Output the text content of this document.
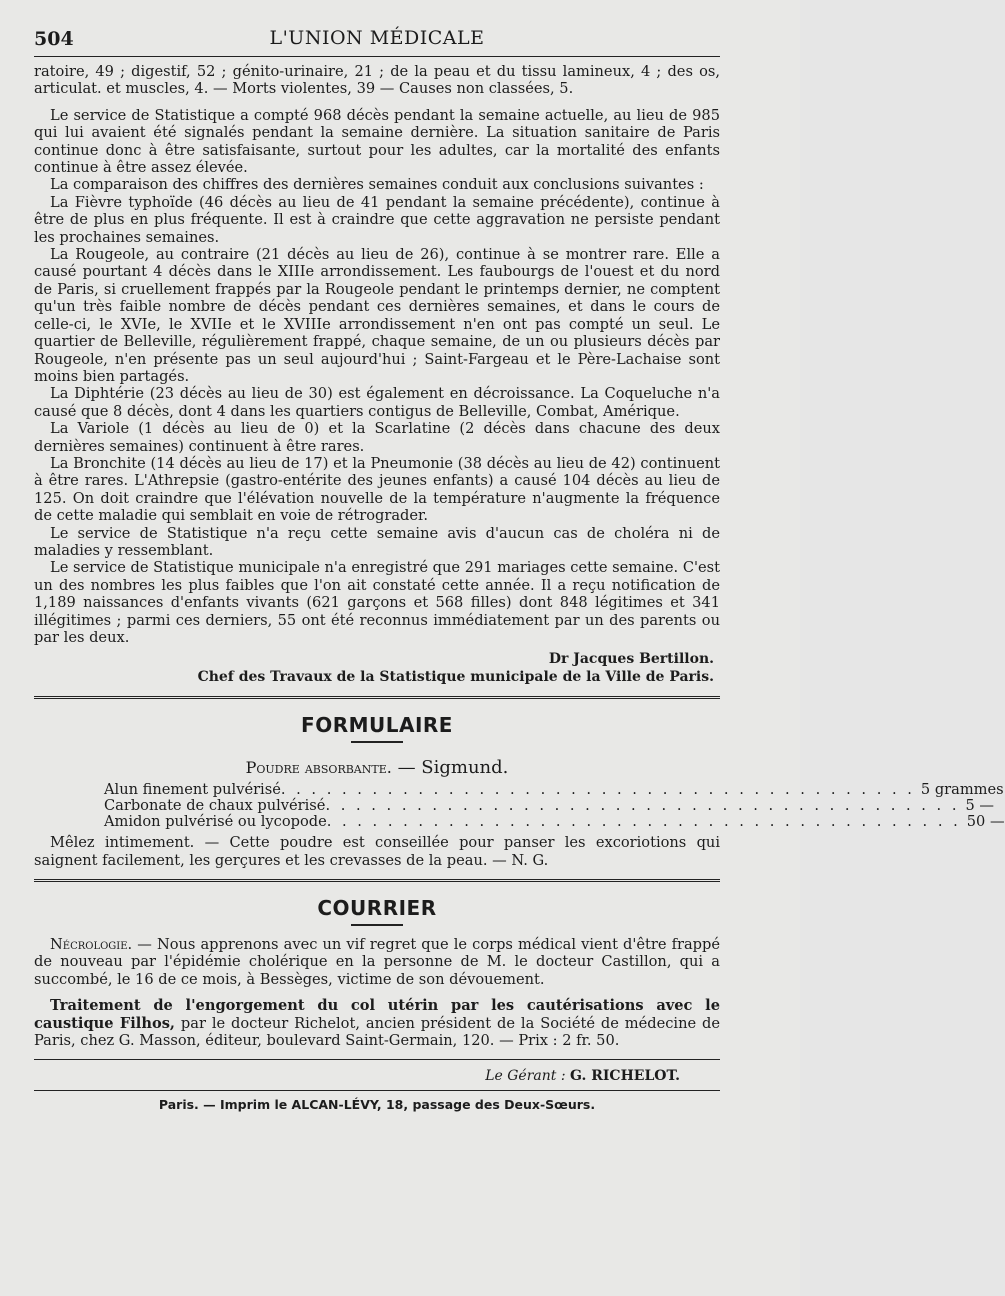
504	L'UNION MÉDICALE

ratoire, 49 ; digestif, 52 ; génito-urinaire, 21 ; de la peau et du tissu lamineux, 4 ; des os, articulat. et muscles, 4. — Morts violentes, 39 — Causes non classées, 5.

Le service de Statistique a compté 968 décès pendant la semaine actuelle, au lieu de 985 qui lui avaient été signalés pendant la semaine dernière. La situation sanitaire de Paris continue donc à être satisfaisante, surtout pour les adultes, car la mortalité des enfants continue à être assez élevée.

La comparaison des chiffres des dernières semaines conduit aux conclusions suivantes :

La Fièvre typhoïde (46 décès au lieu de 41 pendant la semaine précédente), continue à être de plus en plus fréquente. Il est à craindre que cette aggravation ne persiste pendant les prochaines semaines.

La Rougeole, au contraire (21 décès au lieu de 26), continue à se montrer rare. Elle a causé pourtant 4 décès dans le XIIIe arrondissement. Les faubourgs de l'ouest et du nord de Paris, si cruellement frappés par la Rougeole pendant le printemps dernier, ne comptent qu'un très faible nombre de décès pendant ces dernières semaines, et dans le cours de celle-ci, le XVIe, le XVIIe et le XVIIIe arrondissement n'en ont pas compté un seul. Le quartier de Belleville, régulièrement frappé, chaque semaine, de un ou plusieurs décès par Rougeole, n'en présente pas un seul aujourd'hui ; Saint-Fargeau et le Père-Lachaise sont moins bien partagés.

La Diphtérie (23 décès au lieu de 30) est également en décroissance. La Coqueluche n'a causé que 8 décès, dont 4 dans les quartiers contigus de Belleville, Combat, Amérique.

La Variole (1 décès au lieu de 0) et la Scarlatine (2 décès dans chacune des deux dernières semaines) continuent à être rares.

La Bronchite (14 décès au lieu de 17) et la Pneumonie (38 décès au lieu de 42) continuent à être rares. L'Athrepsie (gastro-entérite des jeunes enfants) a causé 104 décès au lieu de 125. On doit craindre que l'élévation nouvelle de la température n'augmente la fréquence de cette maladie qui semblait en voie de rétrograder.

Le service de Statistique n'a reçu cette semaine avis d'aucun cas de choléra ni de maladies y ressemblant.

Le service de Statistique municipale n'a enregistré que 291 mariages cette semaine. C'est un des nombres les plus faibles que l'on ait constaté cette année. Il a reçu notification de 1,189 naissances d'enfants vivants (621 garçons et 568 filles) dont 848 légitimes et 341 illégitimes ; parmi ces derniers, 55 ont été reconnus immédiatement par un des parents ou par les deux.

Dr Jacques Bertillon.
Chef des Travaux de la Statistique municipale de la Ville de Paris.
FORMULAIRE
Poudre absorbante. — Sigmund.
Alun finement pulvérisé . . . . . . . . . . . . . . . . . . . . . . . . . . . . . . . . . . . . . . . . . . 5 grammes
Carbonate de chaux pulvérisé . . . . . . . . . . . . . . . . . . . . . . . . . . . . . . . . . . . . . . . . . . 5 —
Amidon pulvérisé ou lycopode . . . . . . . . . . . . . . . . . . . . . . . . . . . . . . . . . . . . . . . . . . 50 —

Mêlez intimement. — Cette poudre est conseillée pour panser les excoriotions qui saignent facilement, les gerçures et les crevasses de la peau. — N. G.

COURRIER

Nécrologie. — Nous apprenons avec un vif regret que le corps médical vient d'être frappé de nouveau par l'épidémie cholérique en la personne de M. le docteur Castillon, qui a succombé, le 16 de ce mois, à Bessèges, victime de son dévouement.

Traitement de l'engorgement du col utérin par les cautérisations avec le caustique Filhos, par le docteur Richelot, ancien président de la Société de médecine de Paris, chez G. Masson, éditeur, boulevard Saint-Germain, 120. — Prix : 2 fr. 50.

Le Gérant : G. RICHELOT.
Paris. — Imprim le ALCAN-LÉVY, 18, passage des Deux-Sœurs.
